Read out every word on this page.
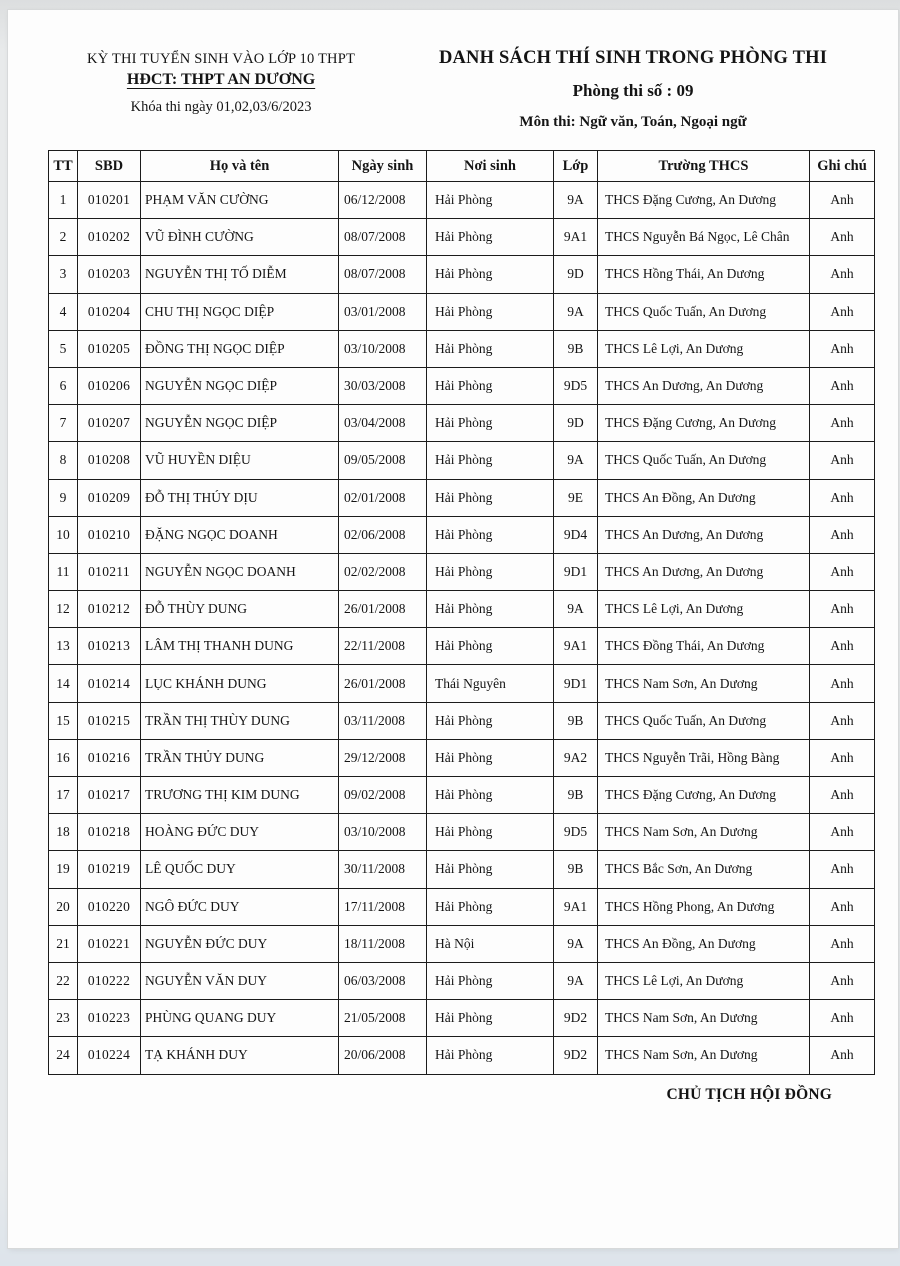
KỲ THI TUYỂN SINH VÀO LỚP 10 THPT
HĐCT: THPT AN DƯƠNG
Khóa thi ngày 01,02,03/6/2023
DANH SÁCH THÍ SINH TRONG PHÒNG THI
Phòng thi số : 09
Môn thi: Ngữ văn, Toán, Ngoại ngữ
TT	SBD	Họ và tên	Ngày sinh	Nơi sinh	Lớp	Trường THCS	Ghi chú
1	010201	PHẠM VĂN CƯỜNG	06/12/2008	Hải Phòng	9A	THCS Đặng Cương, An Dương	Anh
2	010202	VŨ ĐÌNH CƯỜNG	08/07/2008	Hải Phòng	9A1	THCS Nguyễn Bá Ngọc, Lê Chân	Anh
3	010203	NGUYỄN THỊ TỐ DIỄM	08/07/2008	Hải Phòng	9D	THCS Hồng Thái, An Dương	Anh
4	010204	CHU THỊ NGỌC DIỆP	03/01/2008	Hải Phòng	9A	THCS Quốc Tuấn, An Dương	Anh
5	010205	ĐỒNG THỊ NGỌC DIỆP	03/10/2008	Hải Phòng	9B	THCS Lê Lợi, An Dương	Anh
6	010206	NGUYỄN NGỌC DIỆP	30/03/2008	Hải Phòng	9D5	THCS An Dương, An Dương	Anh
7	010207	NGUYỄN NGỌC DIỆP	03/04/2008	Hải Phòng	9D	THCS Đặng Cương, An Dương	Anh
8	010208	VŨ HUYỀN DIỆU	09/05/2008	Hải Phòng	9A	THCS Quốc Tuấn, An Dương	Anh
9	010209	ĐỖ THỊ THÚY DỊU	02/01/2008	Hải Phòng	9E	THCS An Đồng, An Dương	Anh
10	010210	ĐẶNG NGỌC DOANH	02/06/2008	Hải Phòng	9D4	THCS An Dương, An Dương	Anh
11	010211	NGUYỄN NGỌC DOANH	02/02/2008	Hải Phòng	9D1	THCS An Dương, An Dương	Anh
12	010212	ĐỖ THÙY DUNG	26/01/2008	Hải Phòng	9A	THCS Lê Lợi, An Dương	Anh
13	010213	LÂM THỊ THANH DUNG	22/11/2008	Hải Phòng	9A1	THCS Đồng Thái, An Dương	Anh
14	010214	LỤC KHÁNH DUNG	26/01/2008	Thái Nguyên	9D1	THCS Nam Sơn, An Dương	Anh
15	010215	TRẦN THỊ THÙY DUNG	03/11/2008	Hải Phòng	9B	THCS Quốc Tuấn, An Dương	Anh
16	010216	TRẦN THỦY DUNG	29/12/2008	Hải Phòng	9A2	THCS Nguyễn Trãi, Hồng Bàng	Anh
17	010217	TRƯƠNG THỊ KIM DUNG	09/02/2008	Hải Phòng	9B	THCS Đặng Cương, An Dương	Anh
18	010218	HOÀNG ĐỨC DUY	03/10/2008	Hải Phòng	9D5	THCS Nam Sơn, An Dương	Anh
19	010219	LÊ QUỐC DUY	30/11/2008	Hải Phòng	9B	THCS Bắc Sơn, An Dương	Anh
20	010220	NGÔ ĐỨC DUY	17/11/2008	Hải Phòng	9A1	THCS Hồng Phong, An Dương	Anh
21	010221	NGUYỄN ĐỨC DUY	18/11/2008	Hà Nội	9A	THCS An Đồng, An Dương	Anh
22	010222	NGUYỄN VĂN DUY	06/03/2008	Hải Phòng	9A	THCS Lê Lợi, An Dương	Anh
23	010223	PHÙNG QUANG DUY	21/05/2008	Hải Phòng	9D2	THCS Nam Sơn, An Dương	Anh
24	010224	TẠ KHÁNH DUY	20/06/2008	Hải Phòng	9D2	THCS Nam Sơn, An Dương	Anh
CHỦ TỊCH HỘI ĐỒNG
